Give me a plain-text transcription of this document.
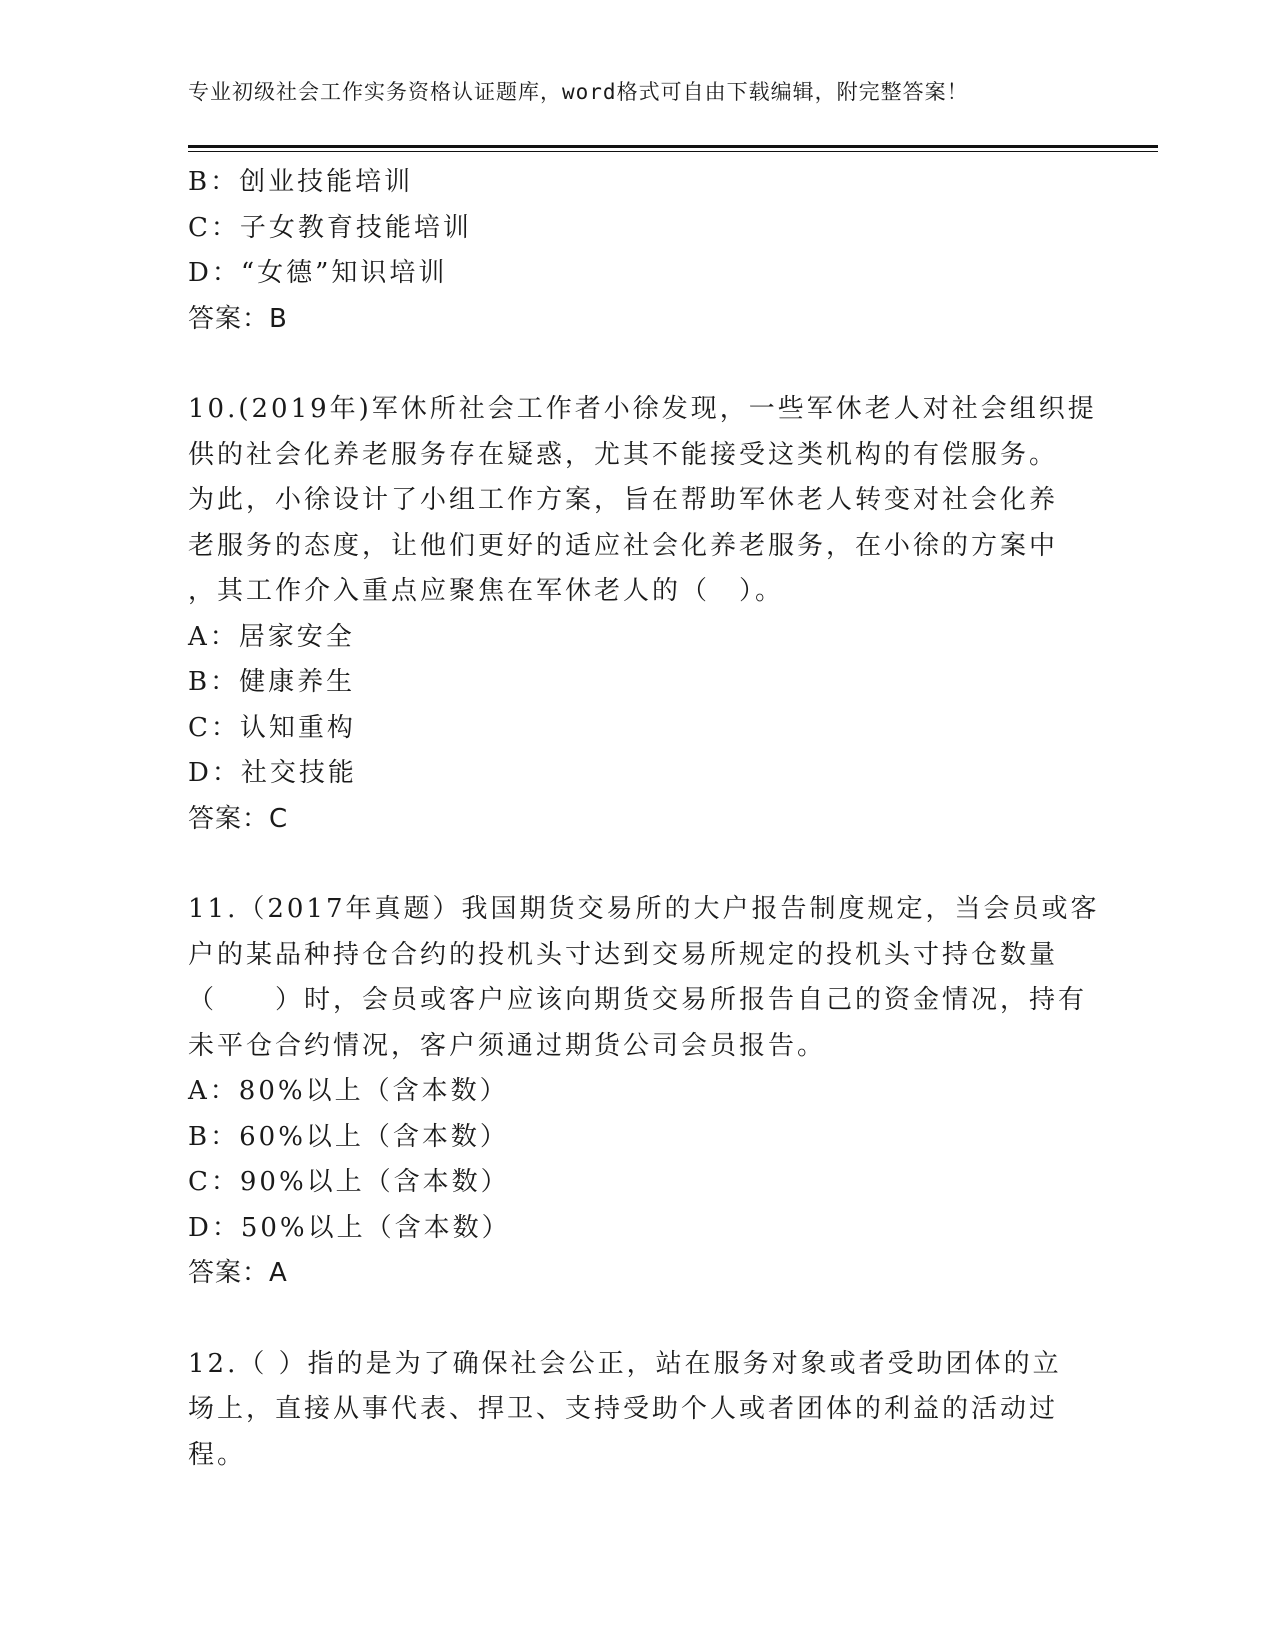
专业初级社会工作实务资格认证题库，word格式可自由下载编辑，附完整答案！
B：创业技能培训
C：子女教育技能培训
D：“女德”知识培训
答案：B
10.(2019年)军休所社会工作者小徐发现，一些军休老人对社会组织提
供的社会化养老服务存在疑惑，尤其不能接受这类机构的有偿服务。
为此，小徐设计了小组工作方案，旨在帮助军休老人转变对社会化养
老服务的态度，让他们更好的适应社会化养老服务，在小徐的方案中
，其工作介入重点应聚焦在军休老人的（　）。
A：居家安全
B：健康养生
C：认知重构
D：社交技能
答案：C
11.（2017年真题）我国期货交易所的大户报告制度规定，当会员或客
户的某品种持仓合约的投机头寸达到交易所规定的投机头寸持仓数量
（　　）时，会员或客户应该向期货交易所报告自己的资金情况，持有
未平仓合约情况，客户须通过期货公司会员报告。
A：80%以上（含本数）
B：60%以上（含本数）
C：90%以上（含本数）
D：50%以上（含本数）
答案：A
12.（ ）指的是为了确保社会公正，站在服务对象或者受助团体的立
场上，直接从事代表、捍卫、支持受助个人或者团体的利益的活动过
程。
